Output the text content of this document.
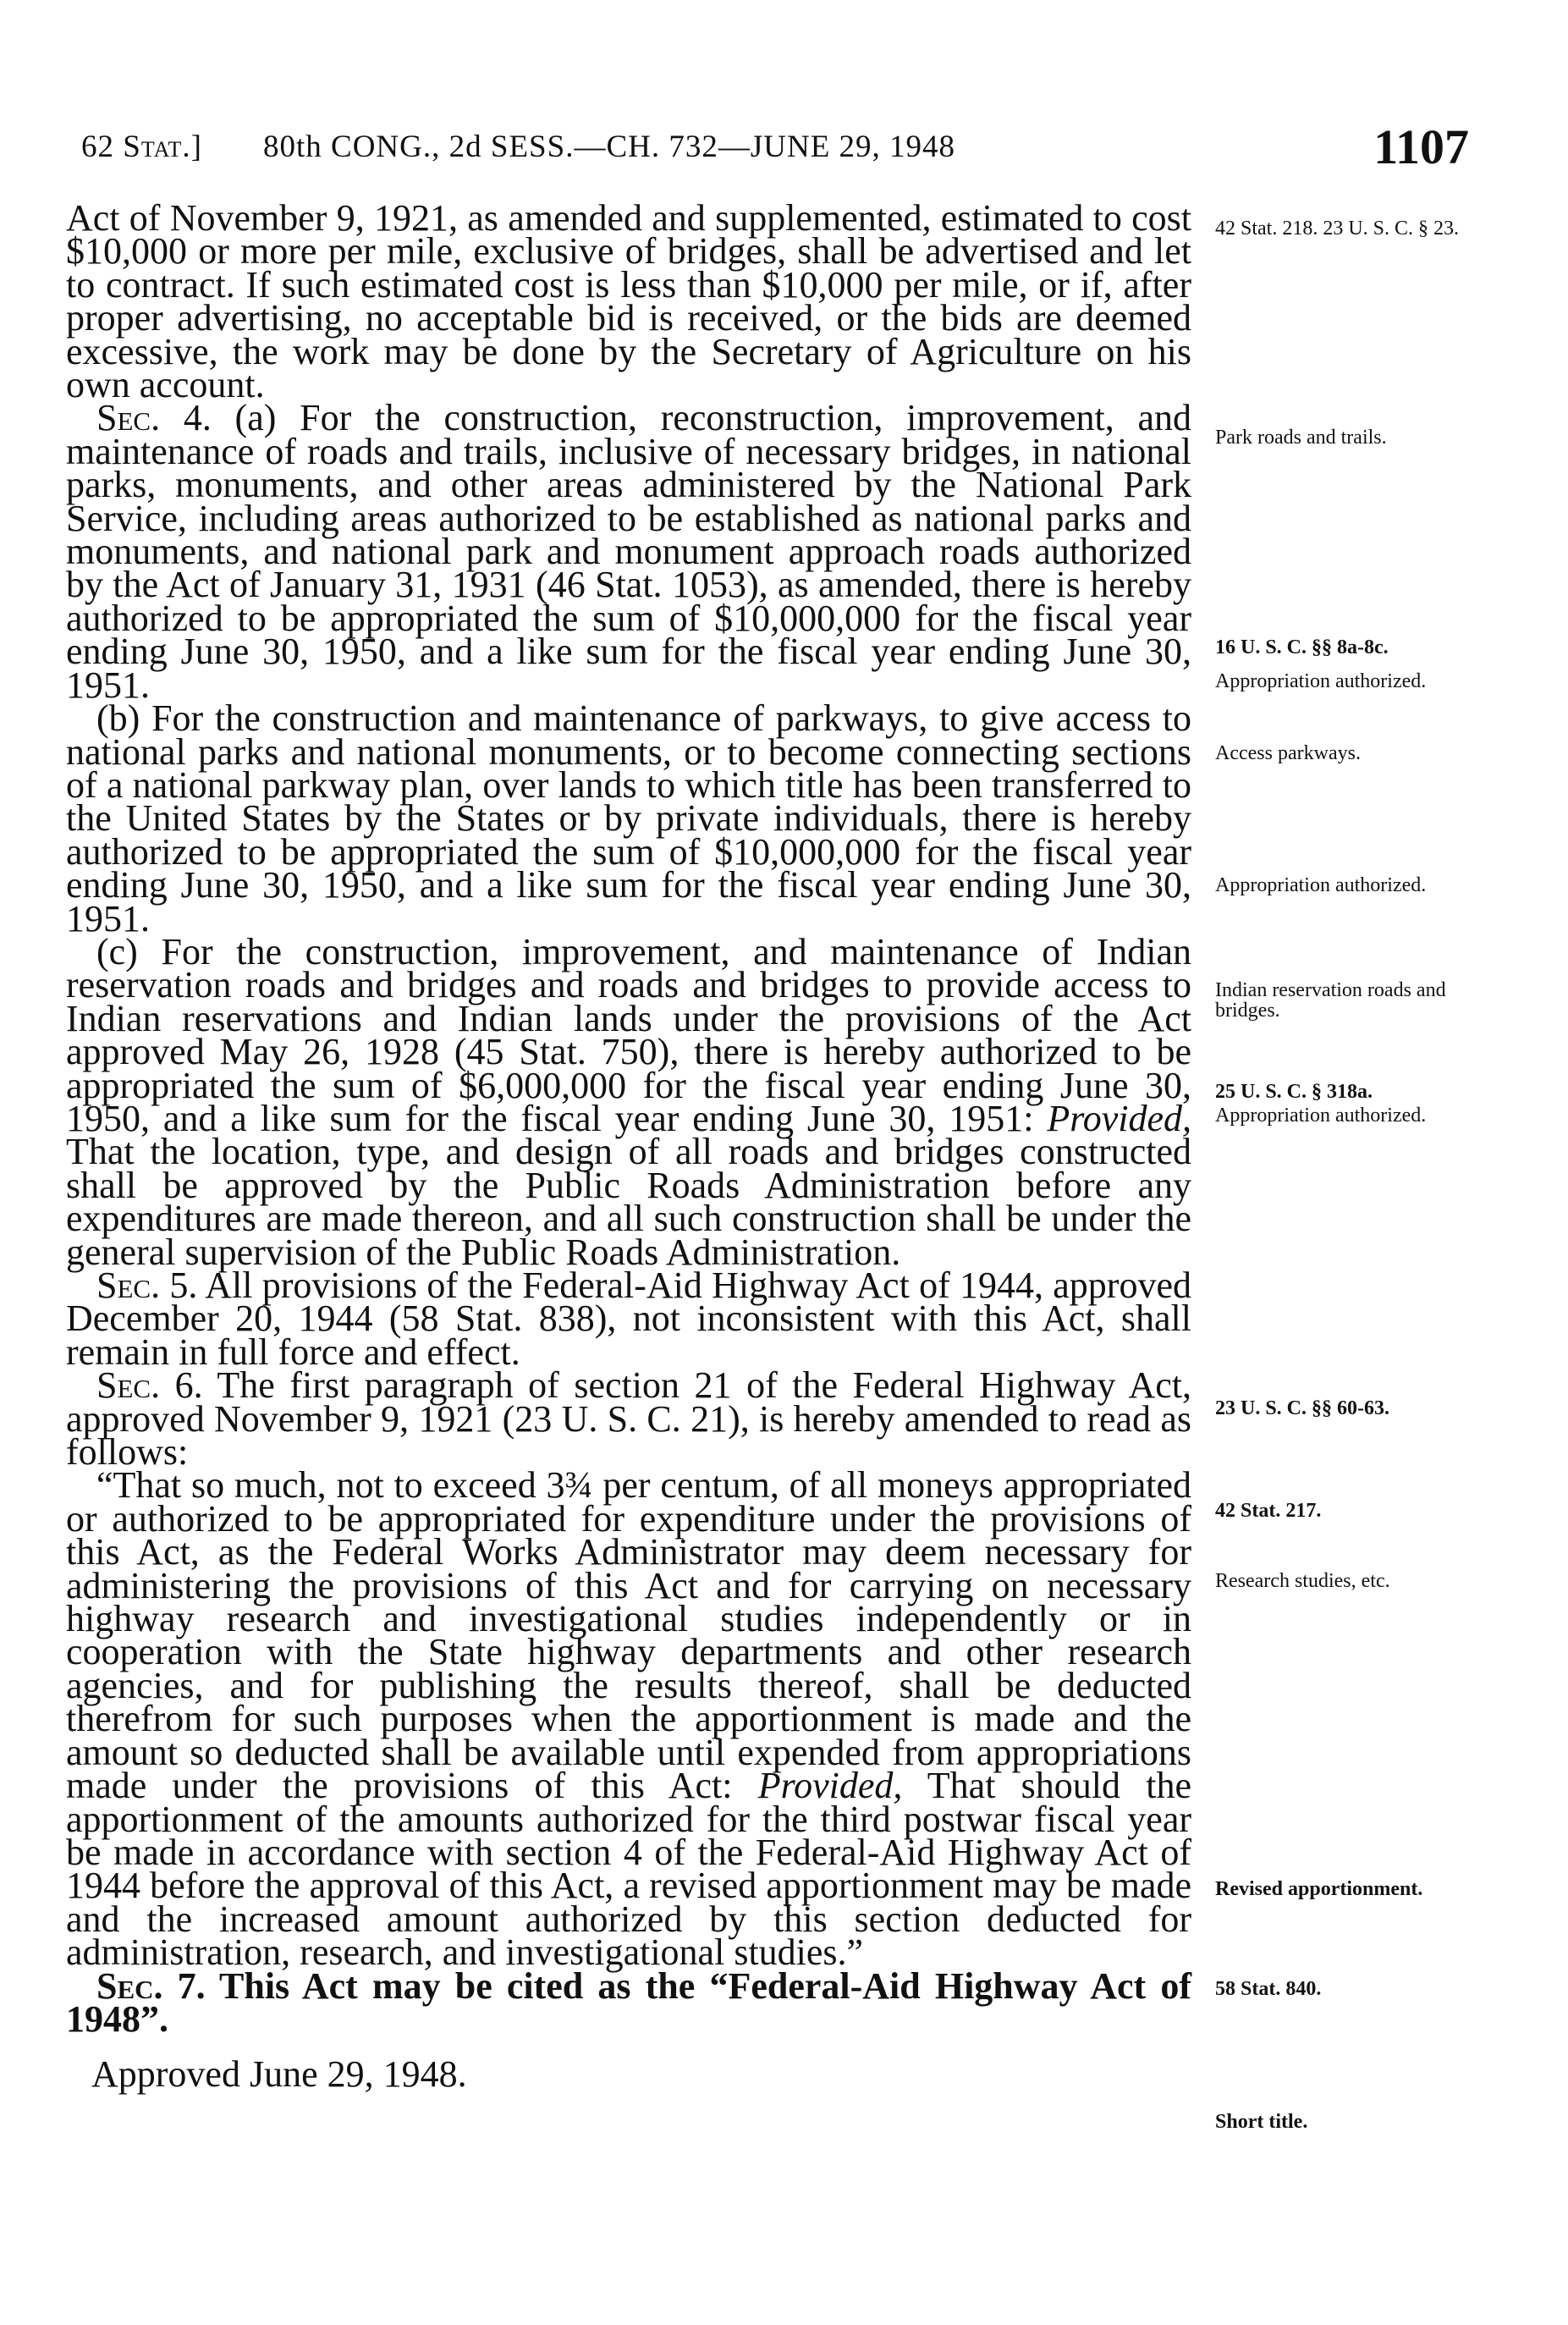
62 Stat.] 80th CONG., 2d SESS.—CH. 732—JUNE 29, 1948	1107

Act of November 9, 1921, as amended and supplemented, estimated to cost $10,000 or more per mile, exclusive of bridges, shall be advertised and let to contract. If such estimated cost is less than $10,000 per mile, or if, after proper advertising, no acceptable bid is received, or the bids are deemed excessive, the work may be done by the Secretary of Agriculture on his own account.

Sec. 4. (a) For the construction, reconstruction, improvement, and maintenance of roads and trails, inclusive of necessary bridges, in national parks, monuments, and other areas administered by the National Park Service, including areas authorized to be established as national parks and monuments, and national park and monument approach roads authorized by the Act of January 31, 1931 (46 Stat. 1053), as amended, there is hereby authorized to be appropriated the sum of $10,000,000 for the fiscal year ending June 30, 1950, and a like sum for the fiscal year ending June 30, 1951.

(b) For the construction and maintenance of parkways, to give access to national parks and national monuments, or to become connecting sections of a national parkway plan, over lands to which title has been transferred to the United States by the States or by private individuals, there is hereby authorized to be appropriated the sum of $10,000,000 for the fiscal year ending June 30, 1950, and a like sum for the fiscal year ending June 30, 1951.

(c) For the construction, improvement, and maintenance of Indian reservation roads and bridges and roads and bridges to provide access to Indian reservations and Indian lands under the provisions of the Act approved May 26, 1928 (45 Stat. 750), there is hereby authorized to be appropriated the sum of $6,000,000 for the fiscal year ending June 30, 1950, and a like sum for the fiscal year ending June 30, 1951: Provided, That the location, type, and design of all roads and bridges constructed shall be approved by the Public Roads Administration before any expenditures are made thereon, and all such construction shall be under the general supervision of the Public Roads Administration.

Sec. 5. All provisions of the Federal-Aid Highway Act of 1944, approved December 20, 1944 (58 Stat. 838), not inconsistent with this Act, shall remain in full force and effect.

Sec. 6. The first paragraph of section 21 of the Federal Highway Act, approved November 9, 1921 (23 U. S. C. 21), is hereby amended to read as follows:

“That so much, not to exceed 3¾ per centum, of all moneys appropriated or authorized to be appropriated for expenditure under the provisions of this Act, as the Federal Works Administrator may deem necessary for administering the provisions of this Act and for carrying on necessary highway research and investigational studies independently or in cooperation with the State highway departments and other research agencies, and for publishing the results thereof, shall be deducted therefrom for such purposes when the apportionment is made and the amount so deducted shall be available until expended from appropriations made under the provisions of this Act: Provided, That should the apportionment of the amounts authorized for the third postwar fiscal year be made in accordance with section 4 of the Federal-Aid Highway Act of 1944 before the approval of this Act, a revised apportionment may be made and the increased amount authorized by this section deducted for administration, research, and investigational studies.”

Sec. 7. This Act may be cited as the “Federal-Aid Highway Act of 1948”.

Approved June 29, 1948.

42 Stat. 218. 23 U. S. C. § 23.
Park roads and trails.
16 U. S. C. §§ 8a-8c.
Appropriation authorized.
Access parkways.
Appropriation authorized.
Indian reservation roads and bridges.
25 U. S. C. § 318a.
Appropriation authorized.
23 U. S. C. §§ 60-63.
42 Stat. 217.
Research studies, etc.
Revised apportionment.
58 Stat. 840.
Short title.
